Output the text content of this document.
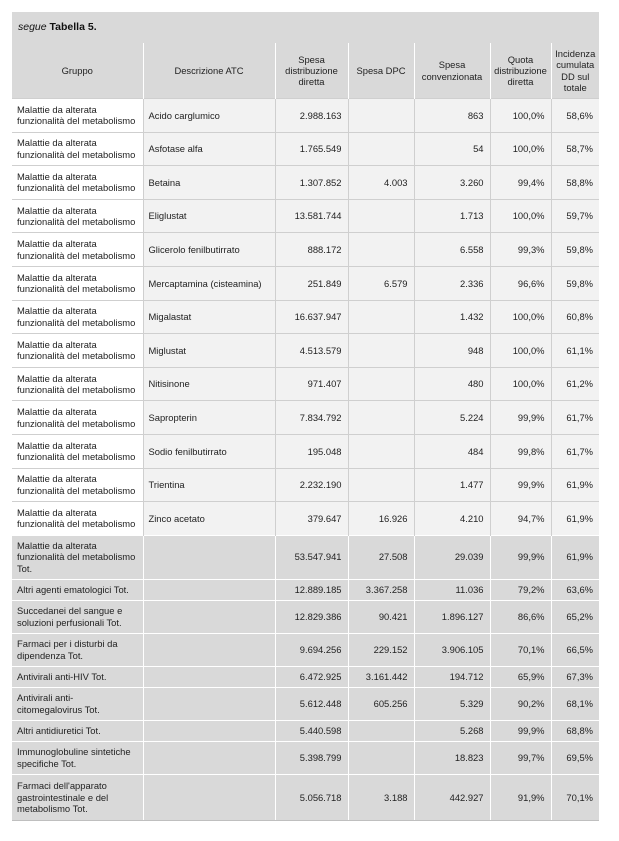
segue Tabella 5.
Gruppo	Descrizione ATC	Spesa distribuzione diretta	Spesa DPC	Spesa convenzionata	Quota distribuzione diretta	Incidenza cumulata DD sul totale
Malattie da alterata funzionalità del metabolismo	Acido carglumico	2.988.163		863	100,0%	58,6%
Malattie da alterata funzionalità del metabolismo	Asfotase alfa	1.765.549		54	100,0%	58,7%
Malattie da alterata funzionalità del metabolismo	Betaina	1.307.852	4.003	3.260	99,4%	58,8%
Malattie da alterata funzionalità del metabolismo	Eliglustat	13.581.744		1.713	100,0%	59,7%
Malattie da alterata funzionalità del metabolismo	Glicerolo fenilbutirrato	888.172		6.558	99,3%	59,8%
Malattie da alterata funzionalità del metabolismo	Mercaptamina (cisteamina)	251.849	6.579	2.336	96,6%	59,8%
Malattie da alterata funzionalità del metabolismo	Migalastat	16.637.947		1.432	100,0%	60,8%
Malattie da alterata funzionalità del metabolismo	Miglustat	4.513.579		948	100,0%	61,1%
Malattie da alterata funzionalità del metabolismo	Nitisinone	971.407		480	100,0%	61,2%
Malattie da alterata funzionalità del metabolismo	Sapropterin	7.834.792		5.224	99,9%	61,7%
Malattie da alterata funzionalità del metabolismo	Sodio fenilbutirrato	195.048		484	99,8%	61,7%
Malattie da alterata funzionalità del metabolismo	Trientina	2.232.190		1.477	99,9%	61,9%
Malattie da alterata funzionalità del metabolismo	Zinco acetato	379.647	16.926	4.210	94,7%	61,9%
Malattie da alterata funzionalità del metabolismo Tot.		53.547.941	27.508	29.039	99,9%	61,9%
Altri agenti ematologici Tot.		12.889.185	3.367.258	11.036	79,2%	63,6%
Succedanei del sangue e soluzioni perfusionali Tot.		12.829.386	90.421	1.896.127	86,6%	65,2%
Farmaci per i disturbi da dipendenza Tot.		9.694.256	229.152	3.906.105	70,1%	66,5%
Antivirali anti-HIV Tot.		6.472.925	3.161.442	194.712	65,9%	67,3%
Antivirali anti-citomegalovirus Tot.		5.612.448	605.256	5.329	90,2%	68,1%
Altri antidiuretici Tot.		5.440.598		5.268	99,9%	68,8%
Immunoglobuline sintetiche specifiche Tot.		5.398.799		18.823	99,7%	69,5%
Farmaci dell'apparato gastrointestinale e del metabolismo Tot.		5.056.718	3.188	442.927	91,9%	70,1%
